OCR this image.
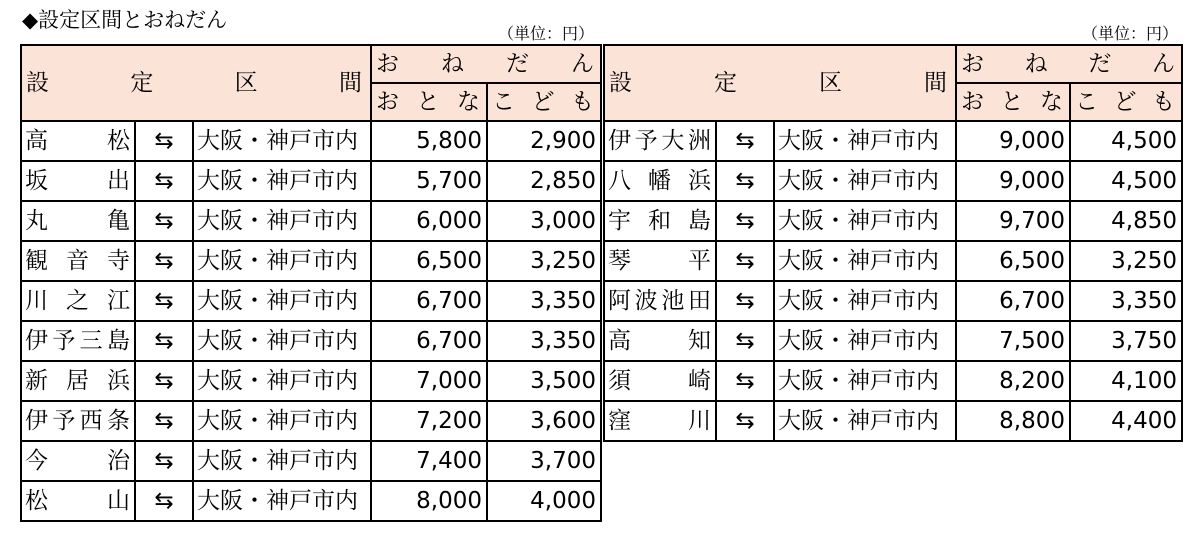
◆設定区間とおねだん
（単位：円）	（単位：円）
設 定 区 間			お ね だ ん	

			お と な	こ ど も

高 松	⇆	大阪・神戸市内	5,800	2,900

坂 出	⇆	大阪・神戸市内	5,700	2,850

丸 亀	⇆	大阪・神戸市内	6,000	3,000

観 音 寺	⇆	大阪・神戸市内	6,500	3,250

川 之 江	⇆	大阪・神戸市内	6,700	3,350

伊 予 三 島	⇆	大阪・神戸市内	6,700	3,350

新 居 浜	⇆	大阪・神戸市内	7,000	3,500

伊 予 西 条	⇆	大阪・神戸市内	7,200	3,600

今 治	⇆	大阪・神戸市内	7,400	3,700

松 山	⇆	大阪・神戸市内	8,000	4,000
設 定 区 間			お ね だ ん	

			お と な	こ ど も

伊 予 大 洲	⇆	大阪・神戸市内	9,000	4,500

八 幡 浜	⇆	大阪・神戸市内	9,000	4,500

宇 和 島	⇆	大阪・神戸市内	9,700	4,850

琴 平	⇆	大阪・神戸市内	6,500	3,250

阿 波 池 田	⇆	大阪・神戸市内	6,700	3,350

高 知	⇆	大阪・神戸市内	7,500	3,750

須 崎	⇆	大阪・神戸市内	8,200	4,100

窪 川	⇆	大阪・神戸市内	8,800	4,400
